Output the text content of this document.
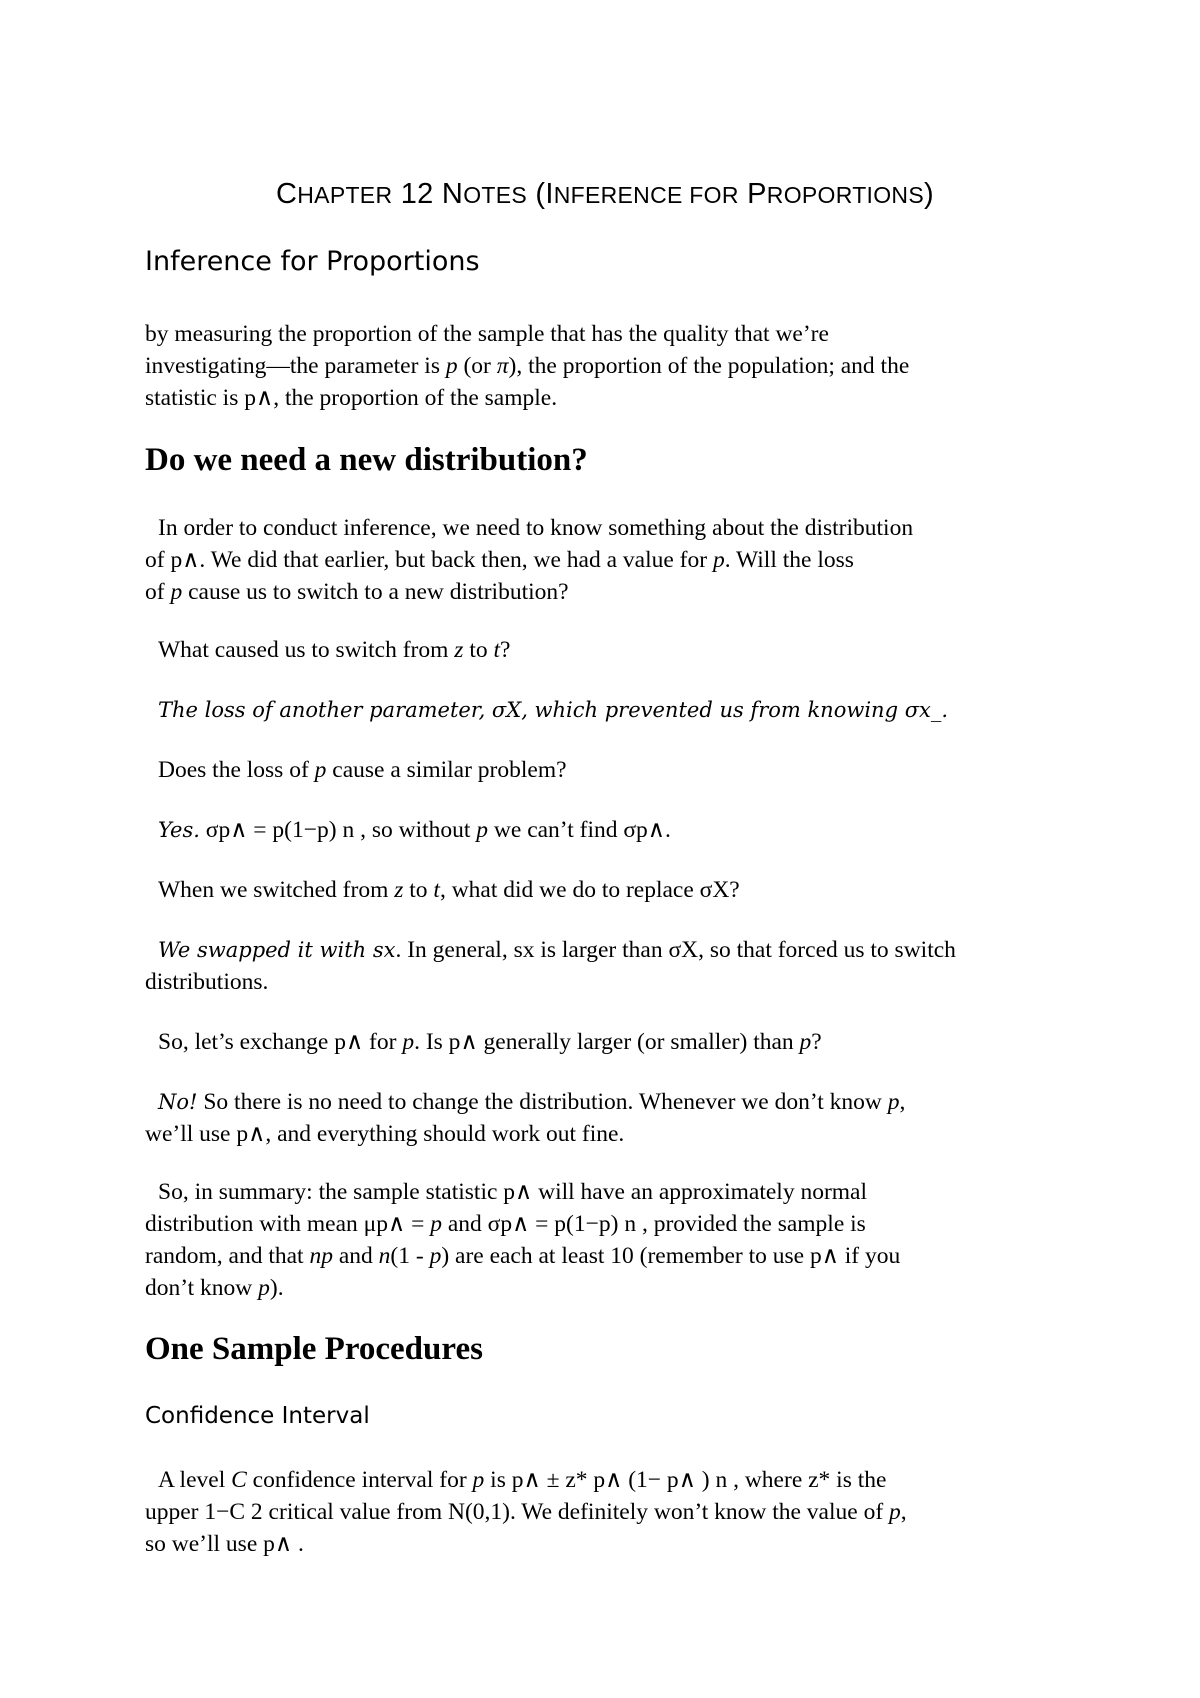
CHAPTER 12 NOTES (INFERENCE FOR PROPORTIONS)
Inference for Proportions

by measuring the proportion of the sample that has the quality that we’re

investigating—the parameter is p (or π), the proportion of the population; and the

statistic is p∧, the proportion of the sample.

Do we need a new distribution?

In order to conduct inference, we need to know something about the distribution

of p∧. We did that earlier, but back then, we had a value for p. Will the loss

of p cause us to switch to a new distribution?

What caused us to switch from z to t?

The loss of another parameter, σX, which prevented us from knowing σx_.

Does the loss of p cause a similar problem?

Yes. σp∧ = p(1−p) n , so without p we can’t find σp∧.

When we switched from z to t, what did we do to replace σX?

We swapped it with sx. In general, sx is larger than σX, so that forced us to switch

distributions.

So, let’s exchange p∧ for p. Is p∧ generally larger (or smaller) than p?

No! So there is no need to change the distribution. Whenever we don’t know p,

we’ll use p∧, and everything should work out fine.

So, in summary: the sample statistic p∧ will have an approximately normal

distribution with mean μp∧ = p and σp∧ = p(1−p) n , provided the sample is

random, and that np and n(1 - p) are each at least 10 (remember to use p∧ if you

don’t know p).

One Sample Procedures
Confidence Interval

A level C confidence interval for p is p∧ ± z* p∧ (1− p∧ ) n , where z* is the

upper 1−C 2 critical value from N(0,1). We definitely won’t know the value of p,

so we’ll use p∧ .
